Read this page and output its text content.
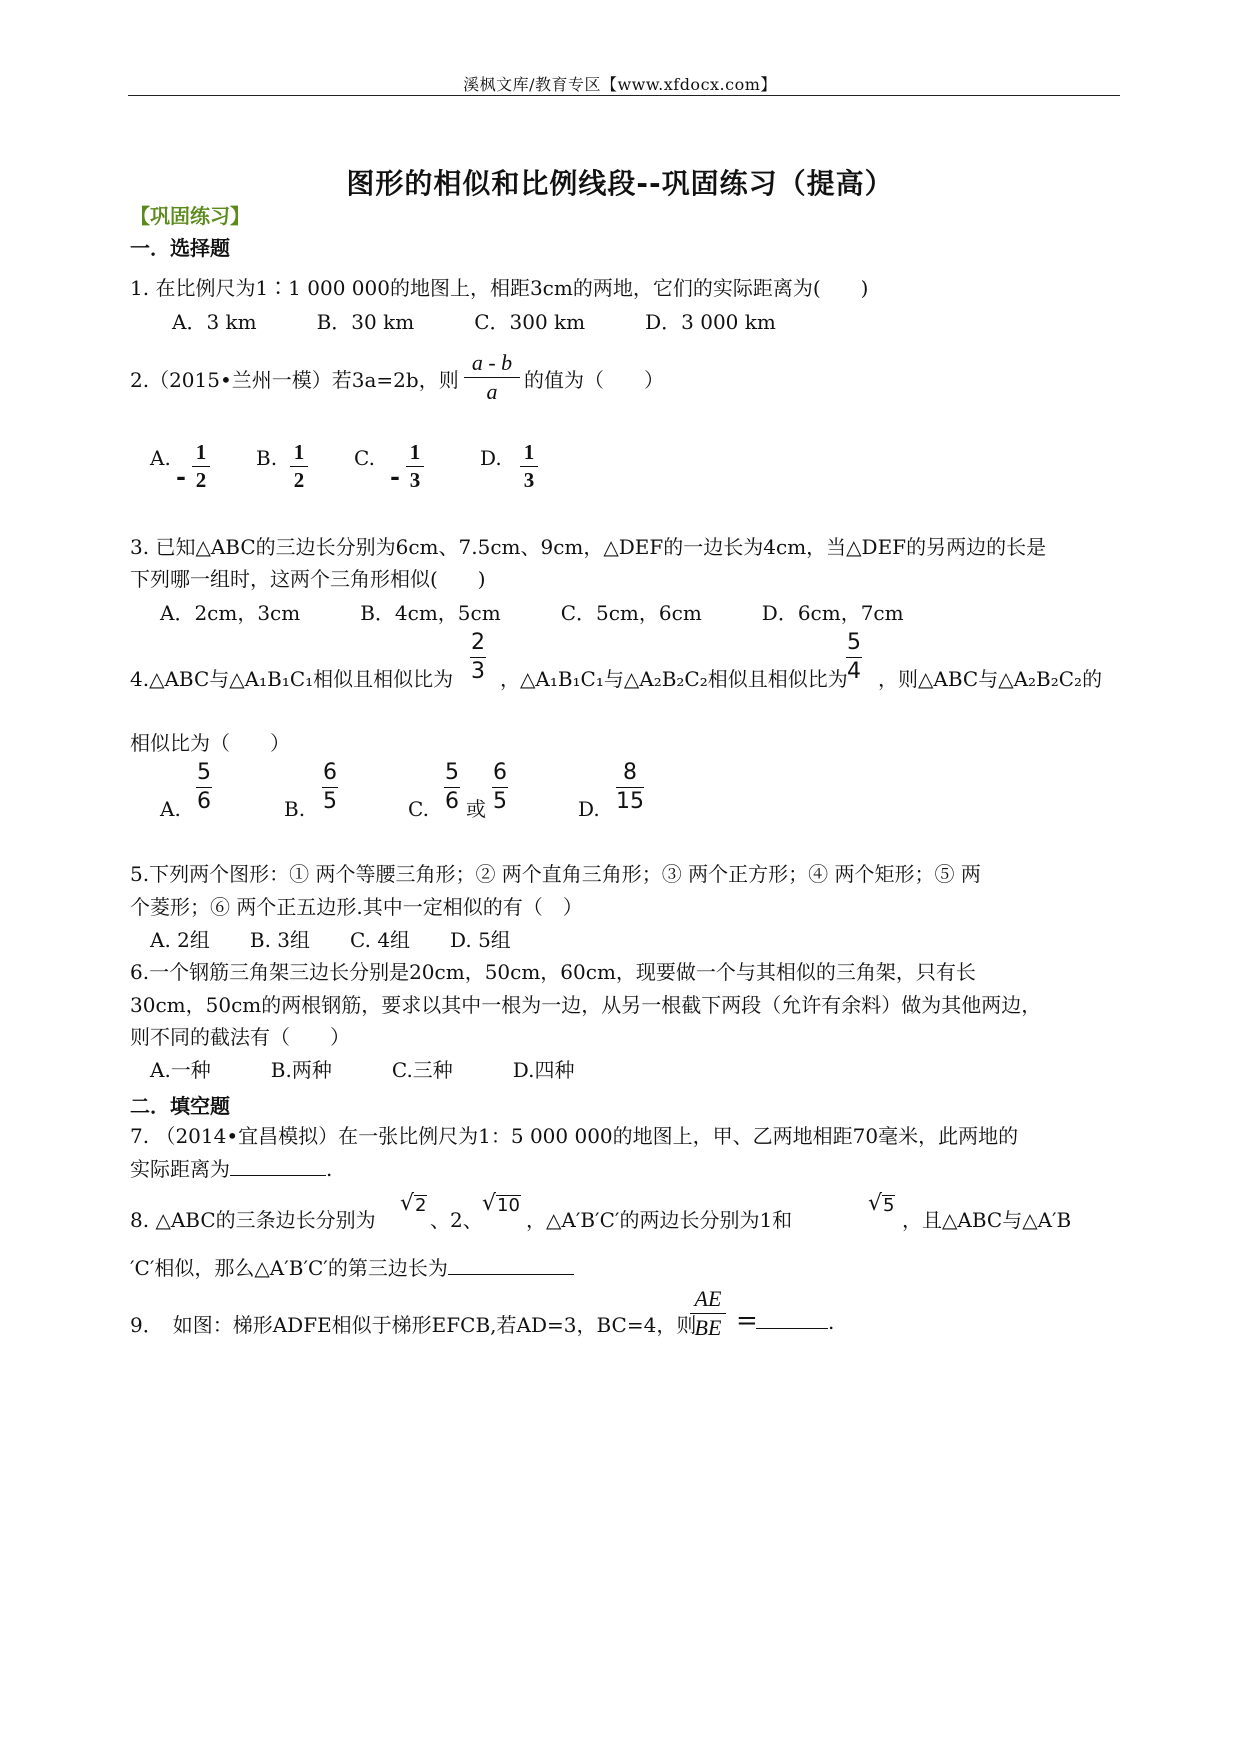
溪枫文库/教育专区【www.xfdocx.com】
图形的相似和比例线段--巩固练习（提高）
【巩固练习】
一．选择题
1. 在比例尺为1∶1 000 000的地图上，相距3cm的两地，它们的实际距离为(　　)
A．3 km　　　B．30 km　　　C．300 km　　　D．3 000 km
2.（2015•兰州一模）若3a=2b，则
a - b
a 的值为（　　）
A.
-
1
2
B. 1
2
C.
-
1
3
D. 1
3
3. 已知△ABC的三边长分别为6cm、7.5cm、9cm，△DEF的一边长为4cm，当△DEF的另两边的长是
下列哪一组时，这两个三角形相似(　　)
A．2cm，3cm　　　B．4cm，5cm　　　C．5cm，6cm　　　D．6cm，7cm
4.△ABC与△A₁B₁C₁相似且相似比为
2
3 ，△A₁B₁C₁与△A₂B₂C₂相似且相似比为
5
4 ，则△ABC与△A₂B₂C₂的
相似比为（　　）
A.
5
6	B.
6
5	C.
5
6 或
6
5	D.
8
15
5.下列两个图形：① 两个等腰三角形；② 两个直角三角形；③ 两个正方形；④ 两个矩形；⑤ 两
个菱形；⑥ 两个正五边形.其中一定相似的有（　）
A. 2组　　B. 3组　　C. 4组　　D. 5组
6.一个钢筋三角架三边长分别是20cm，50cm，60cm，现要做一个与其相似的三角架，只有长
30cm，50cm的两根钢筋，要求以其中一根为一边，从另一根截下两段（允许有余料）做为其他两边，
则不同的截法有（　　）
A.一种　　　B.两种　　　C.三种　　　D.四种
二．填空题
7. （2014•宜昌模拟）在一张比例尺为1：5 000 000的地图上，甲、乙两地相距70毫米，此两地的
实际距离为	.
8. △ABC的三条边长分别为
√ 2
、2、
√ 10
，△A′B′C′的两边长分别为1和
√ 5
，且△ABC与△A′B
′C′相似，那么△A′B′C′的第三边长为
9．　如图：梯形ADFE相似于梯形EFCB,若AD=3，BC=4，则
AE
BE =	.
